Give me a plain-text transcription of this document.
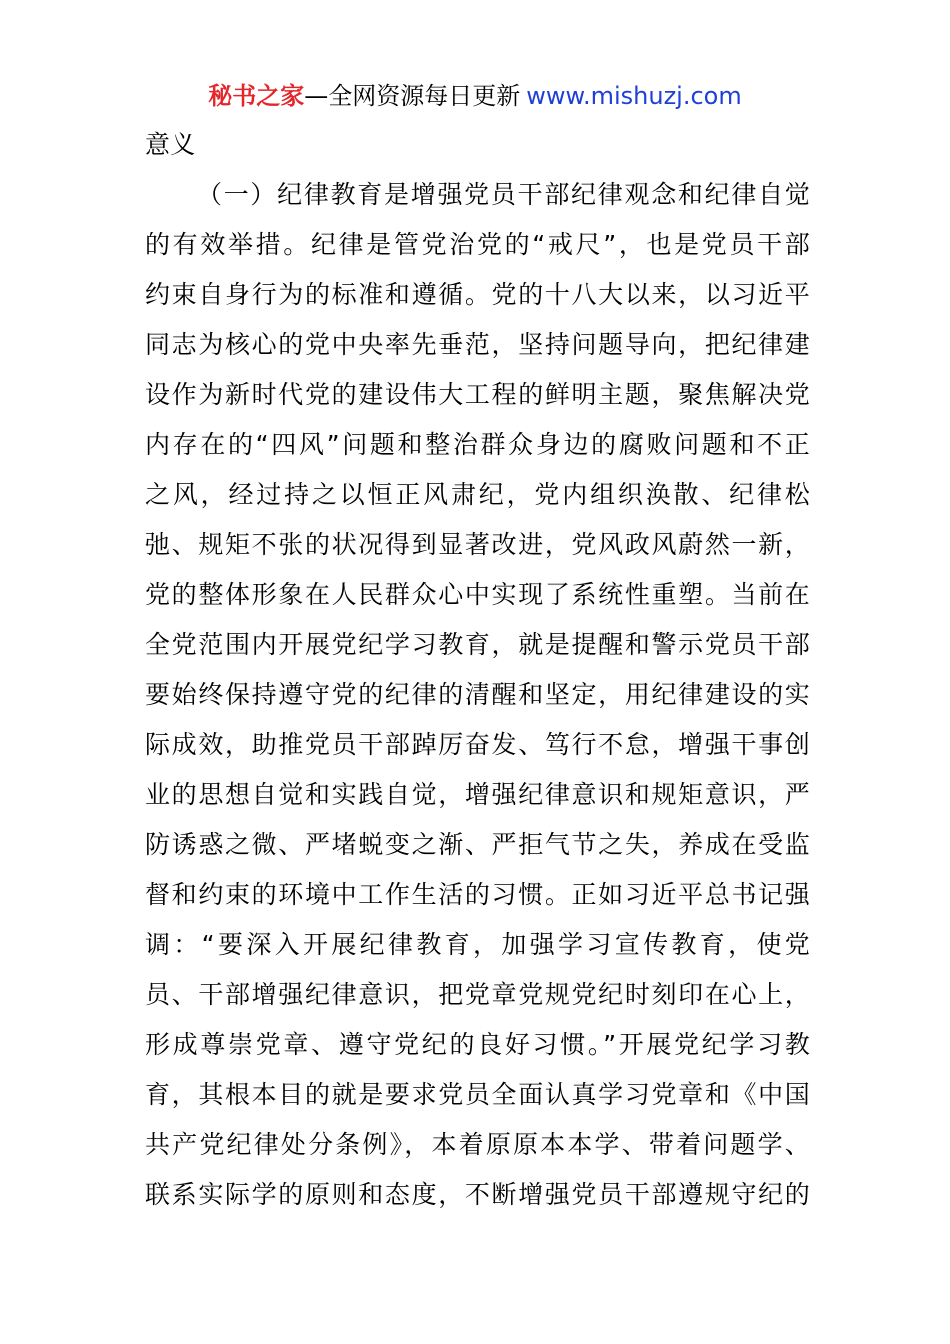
秘书之家—全网资源每日更新 www.mishuzj.com
意义
（一）纪律教育是增强党员干部纪律观念和纪律自觉
的有效举措。纪律是管党治党的“戒尺”，也是党员干部
约束自身行为的标准和遵循。党的十八大以来，以习近平
同志为核心的党中央率先垂范，坚持问题导向，把纪律建
设作为新时代党的建设伟大工程的鲜明主题，聚焦解决党
内存在的“四风”问题和整治群众身边的腐败问题和不正
之风，经过持之以恒正风肃纪，党内组织涣散、纪律松
弛、规矩不张的状况得到显著改进，党风政风蔚然一新，
党的整体形象在人民群众心中实现了系统性重塑。当前在
全党范围内开展党纪学习教育，就是提醒和警示党员干部
要始终保持遵守党的纪律的清醒和坚定，用纪律建设的实
际成效，助推党员干部踔厉奋发、笃行不怠，增强干事创
业的思想自觉和实践自觉，增强纪律意识和规矩意识，严
防诱惑之微、严堵蜕变之渐、严拒气节之失，养成在受监
督和约束的环境中工作生活的习惯。正如习近平总书记强
调：“要深入开展纪律教育，加强学习宣传教育，使党
员、干部增强纪律意识，把党章党规党纪时刻印在心上，
形成尊崇党章、遵守党纪的良好习惯。”开展党纪学习教
育，其根本目的就是要求党员全面认真学习党章和《中国
共产党纪律处分条例》，本着原原本本学、带着问题学、
联系实际学的原则和态度，不断增强党员干部遵规守纪的
